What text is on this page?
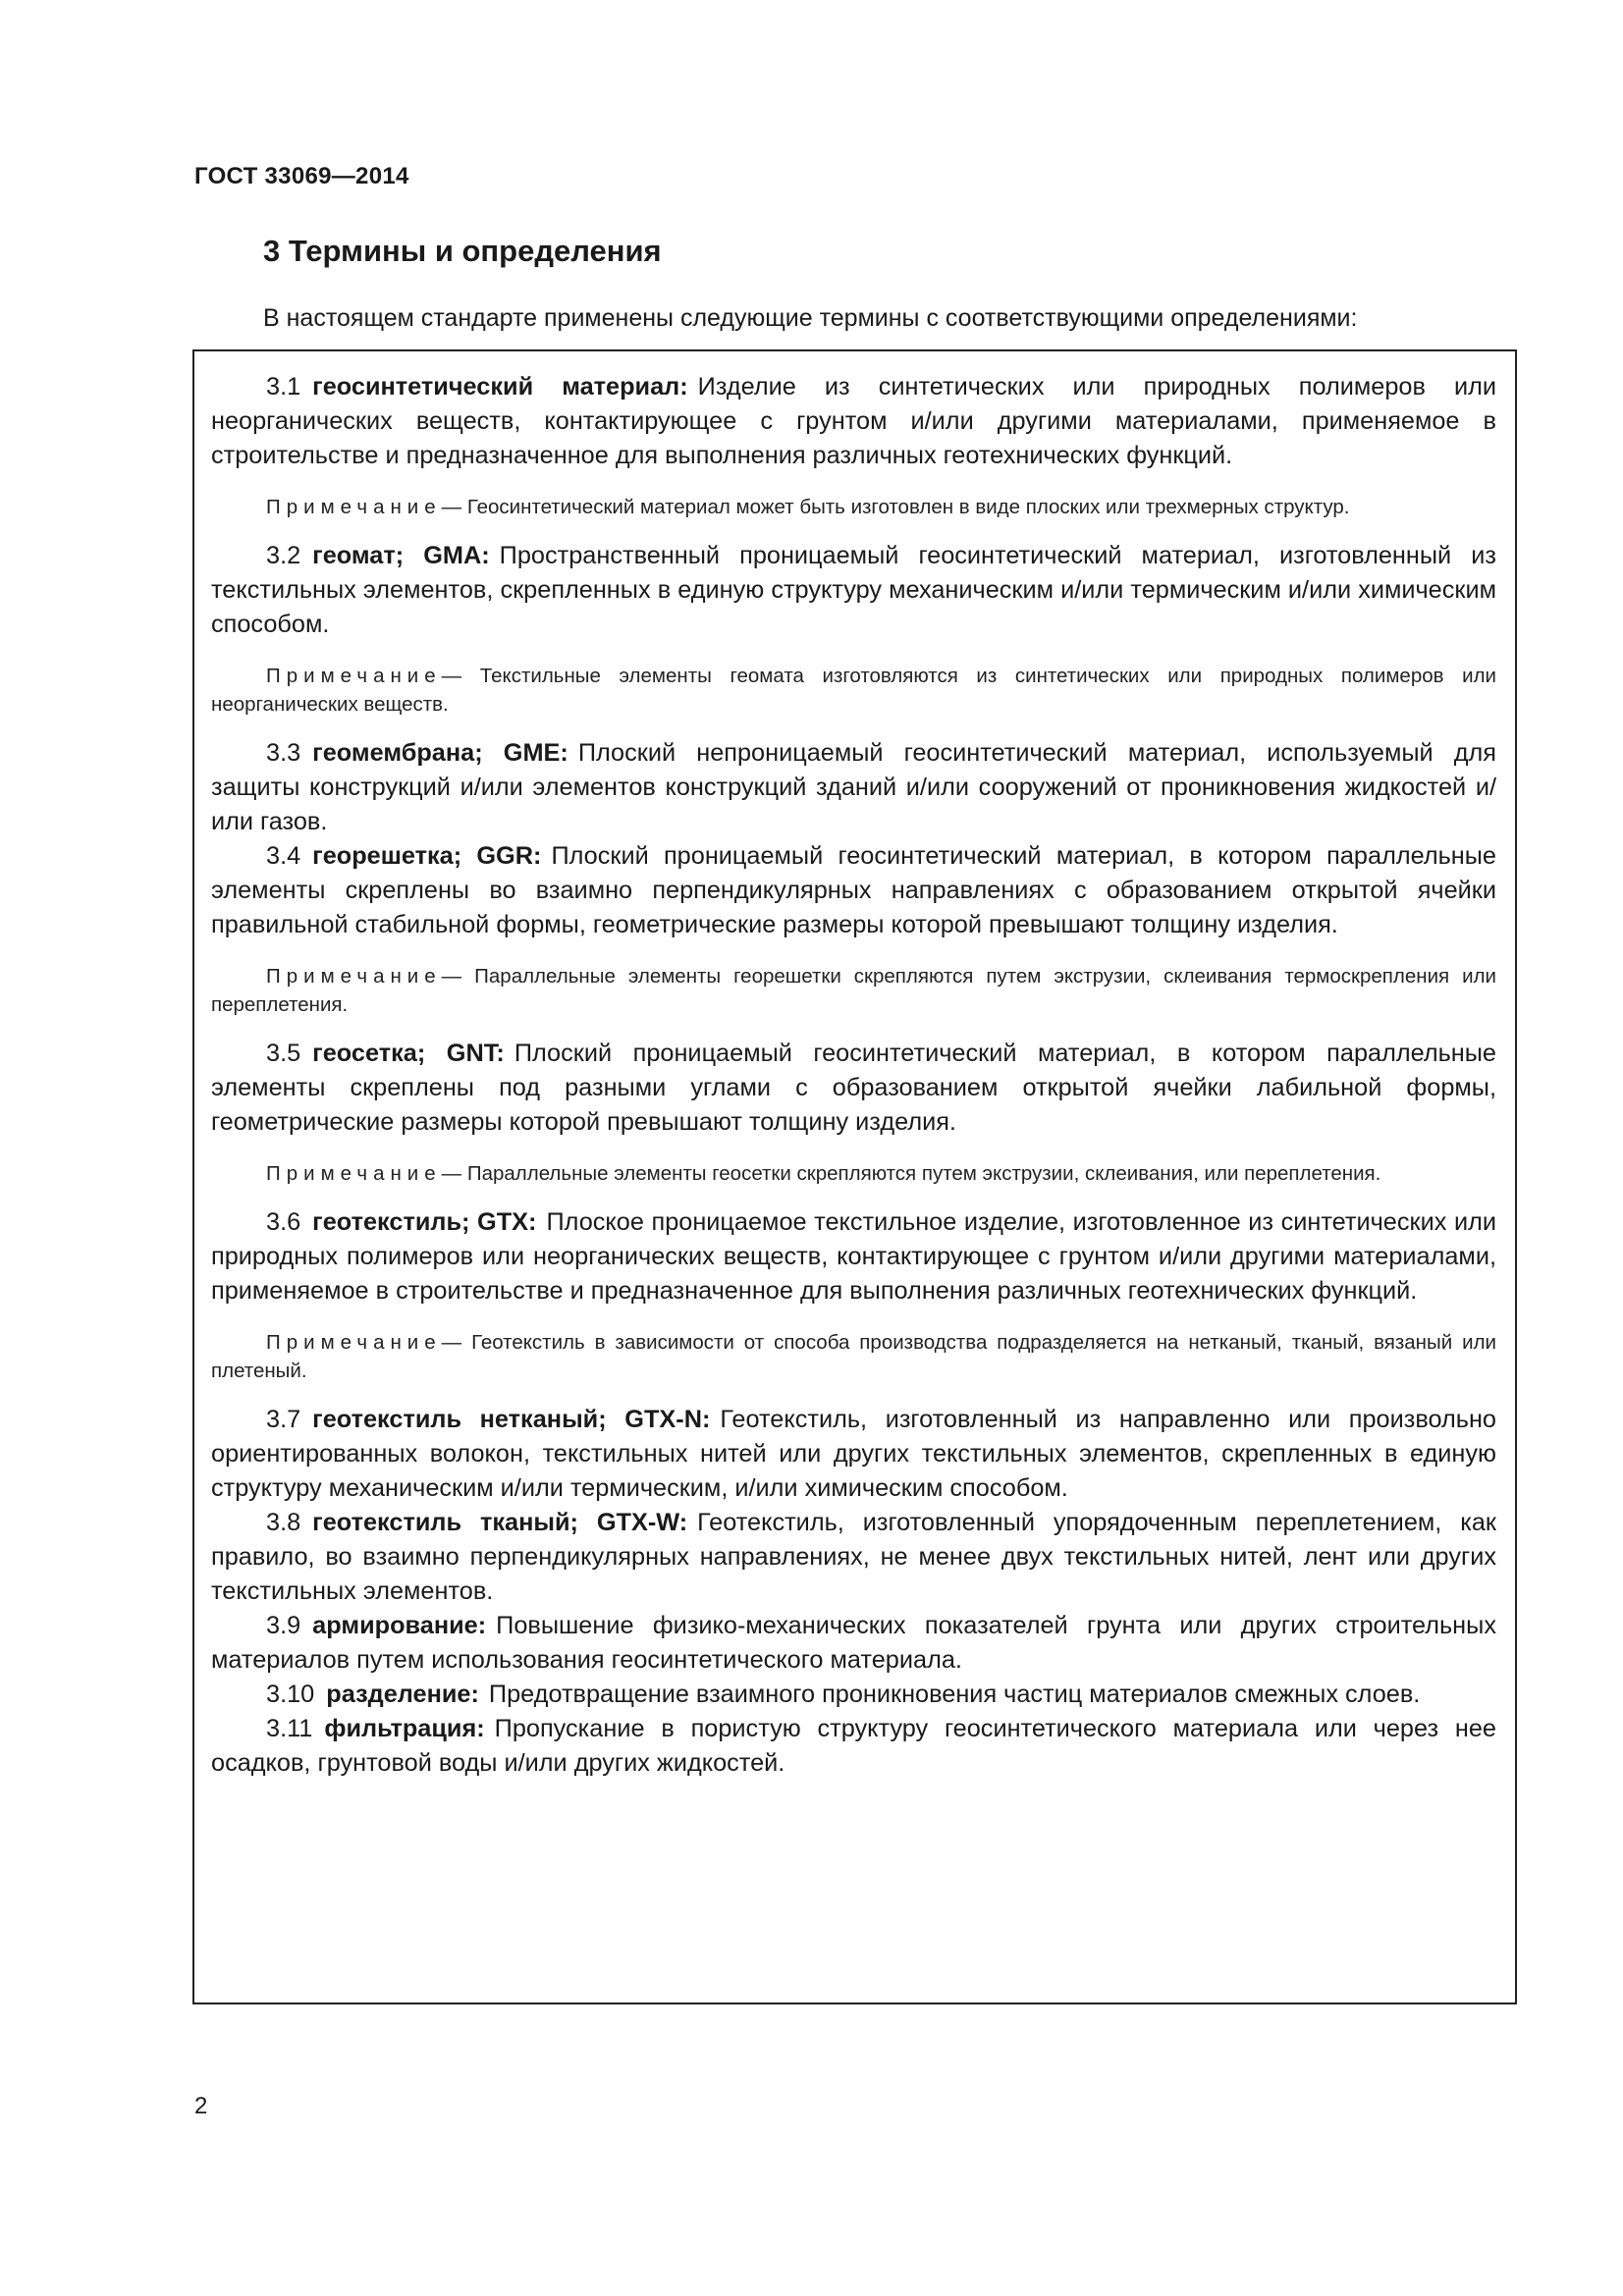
ГОСТ 33069—2014
3 Термины и определения
В настоящем стандарте применены следующие термины с соответствующими определениями:

3.1 геосинтетический материал: Изделие из синтетических или природных полимеров или неорганических веществ, контактирующее с грунтом и/или другими материалами, применяемое в строительстве и предназначенное для выполнения различных геотехнических функций.

Примечание— Геосинтетический материал может быть изготовлен в виде плоских или трехмерных структур.

3.2 геомат; GMA: Пространственный проницаемый геосинтетический материал, изготовленный из текстильных элементов, скрепленных в единую структуру механическим и/или термическим и/или химическим способом.

Примечание— Текстильные элементы геомата изготовляются из синтетических или природных полимеров или неорганических веществ.

3.3 геомембрана; GME: Плоский непроницаемый геосинтетический материал, используемый для защиты конструкций и/или элементов конструкций зданий и/или сооружений от проникновения жидкостей и/или газов.

3.4 георешетка; GGR: Плоский проницаемый геосинтетический материал, в котором параллельные элементы скреплены во взаимно перпендикулярных направлениях с образованием открытой ячейки правильной стабильной формы, геометрические размеры которой превышают толщину изделия.

Примечание— Параллельные элементы георешетки скрепляются путем экструзии, склеивания термоскрепления или переплетения.

3.5 геосетка; GNT: Плоский проницаемый геосинтетический материал, в котором параллельные элементы скреплены под разными углами с образованием открытой ячейки лабильной формы, геометрические размеры которой превышают толщину изделия.

Примечание— Параллельные элементы геосетки скрепляются путем экструзии, склеивания, или переплетения.

3.6 геотекстиль; GTX: Плоское проницаемое текстильное изделие, изготовленное из синтетических или природных полимеров или неорганических веществ, контактирующее с грунтом и/или другими материалами, применяемое в строительстве и предназначенное для выполнения различных геотехнических функций.

Примечание— Геотекстиль в зависимости от способа производства подразделяется на нетканый, тканый, вязаный или плетеный.

3.7 геотекстиль нетканый; GTX-N: Геотекстиль, изготовленный из направленно или произвольно ориентированных волокон, текстильных нитей или других текстильных элементов, скрепленных в единую структуру механическим и/или термическим, и/или химическим способом.

3.8 геотекстиль тканый; GTX-W: Геотекстиль, изготовленный упорядоченным переплетением, как правило, во взаимно перпендикулярных направлениях, не менее двух текстильных нитей, лент или других текстильных элементов.

3.9 армирование: Повышение физико-механических показателей грунта или других строительных материалов путем использования геосинтетического материала.

3.10 разделение: Предотвращение взаимного проникновения частиц материалов смежных слоев.

3.11 фильтрация: Пропускание в пористую структуру геосинтетического материала или через нее осадков, грунтовой воды и/или других жидкостей.

2
